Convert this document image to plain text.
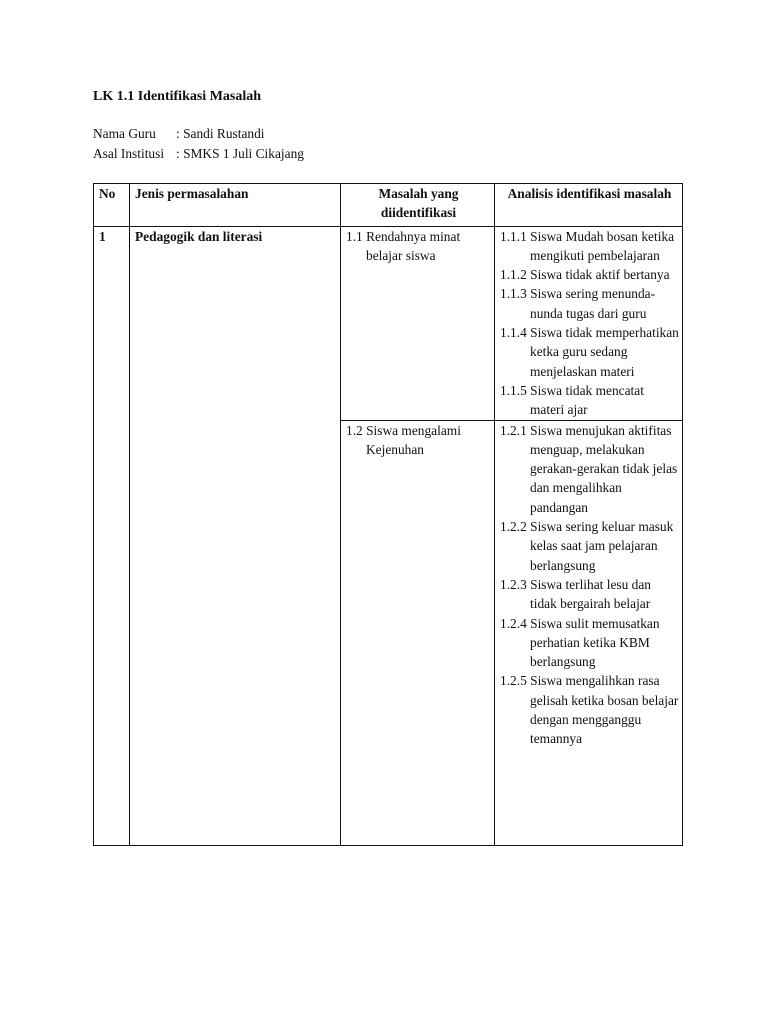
LK 1.1 Identifikasi Masalah
Nama Guru	: Sandi Rustandi
Asal Institusi : SMKS 1 Juli Cikajang
No	Jenis permasalahan	Masalah yang diidentifikasi	Analisis identifikasi masalah
1	Pedagogik dan literasi	1.1 Rendahnya minat belajar siswa	1.1.1 Siswa Mudah bosan ketika mengikuti pembelajaran
1.1.2 Siswa tidak aktif bertanya
1.1.3 Siswa sering menunda-nunda tugas dari guru
1.1.4 Siswa tidak memperhatikan ketka guru sedang menjelaskan materi
1.1.5 Siswa tidak mencatat materi ajar

		1.2 Siswa mengalami Kejenuhan	1.2.1 Siswa menujukan aktifitas menguap, melakukan gerakan-gerakan tidak jelas dan mengalihkan pandangan
1.2.2 Siswa sering keluar masuk kelas saat jam pelajaran berlangsung
1.2.3 Siswa terlihat lesu dan tidak bergairah belajar
1.2.4 Siswa sulit memusatkan perhatian ketika KBM berlangsung
1.2.5 Siswa mengalihkan rasa gelisah ketika bosan belajar dengan mengganggu temannya
